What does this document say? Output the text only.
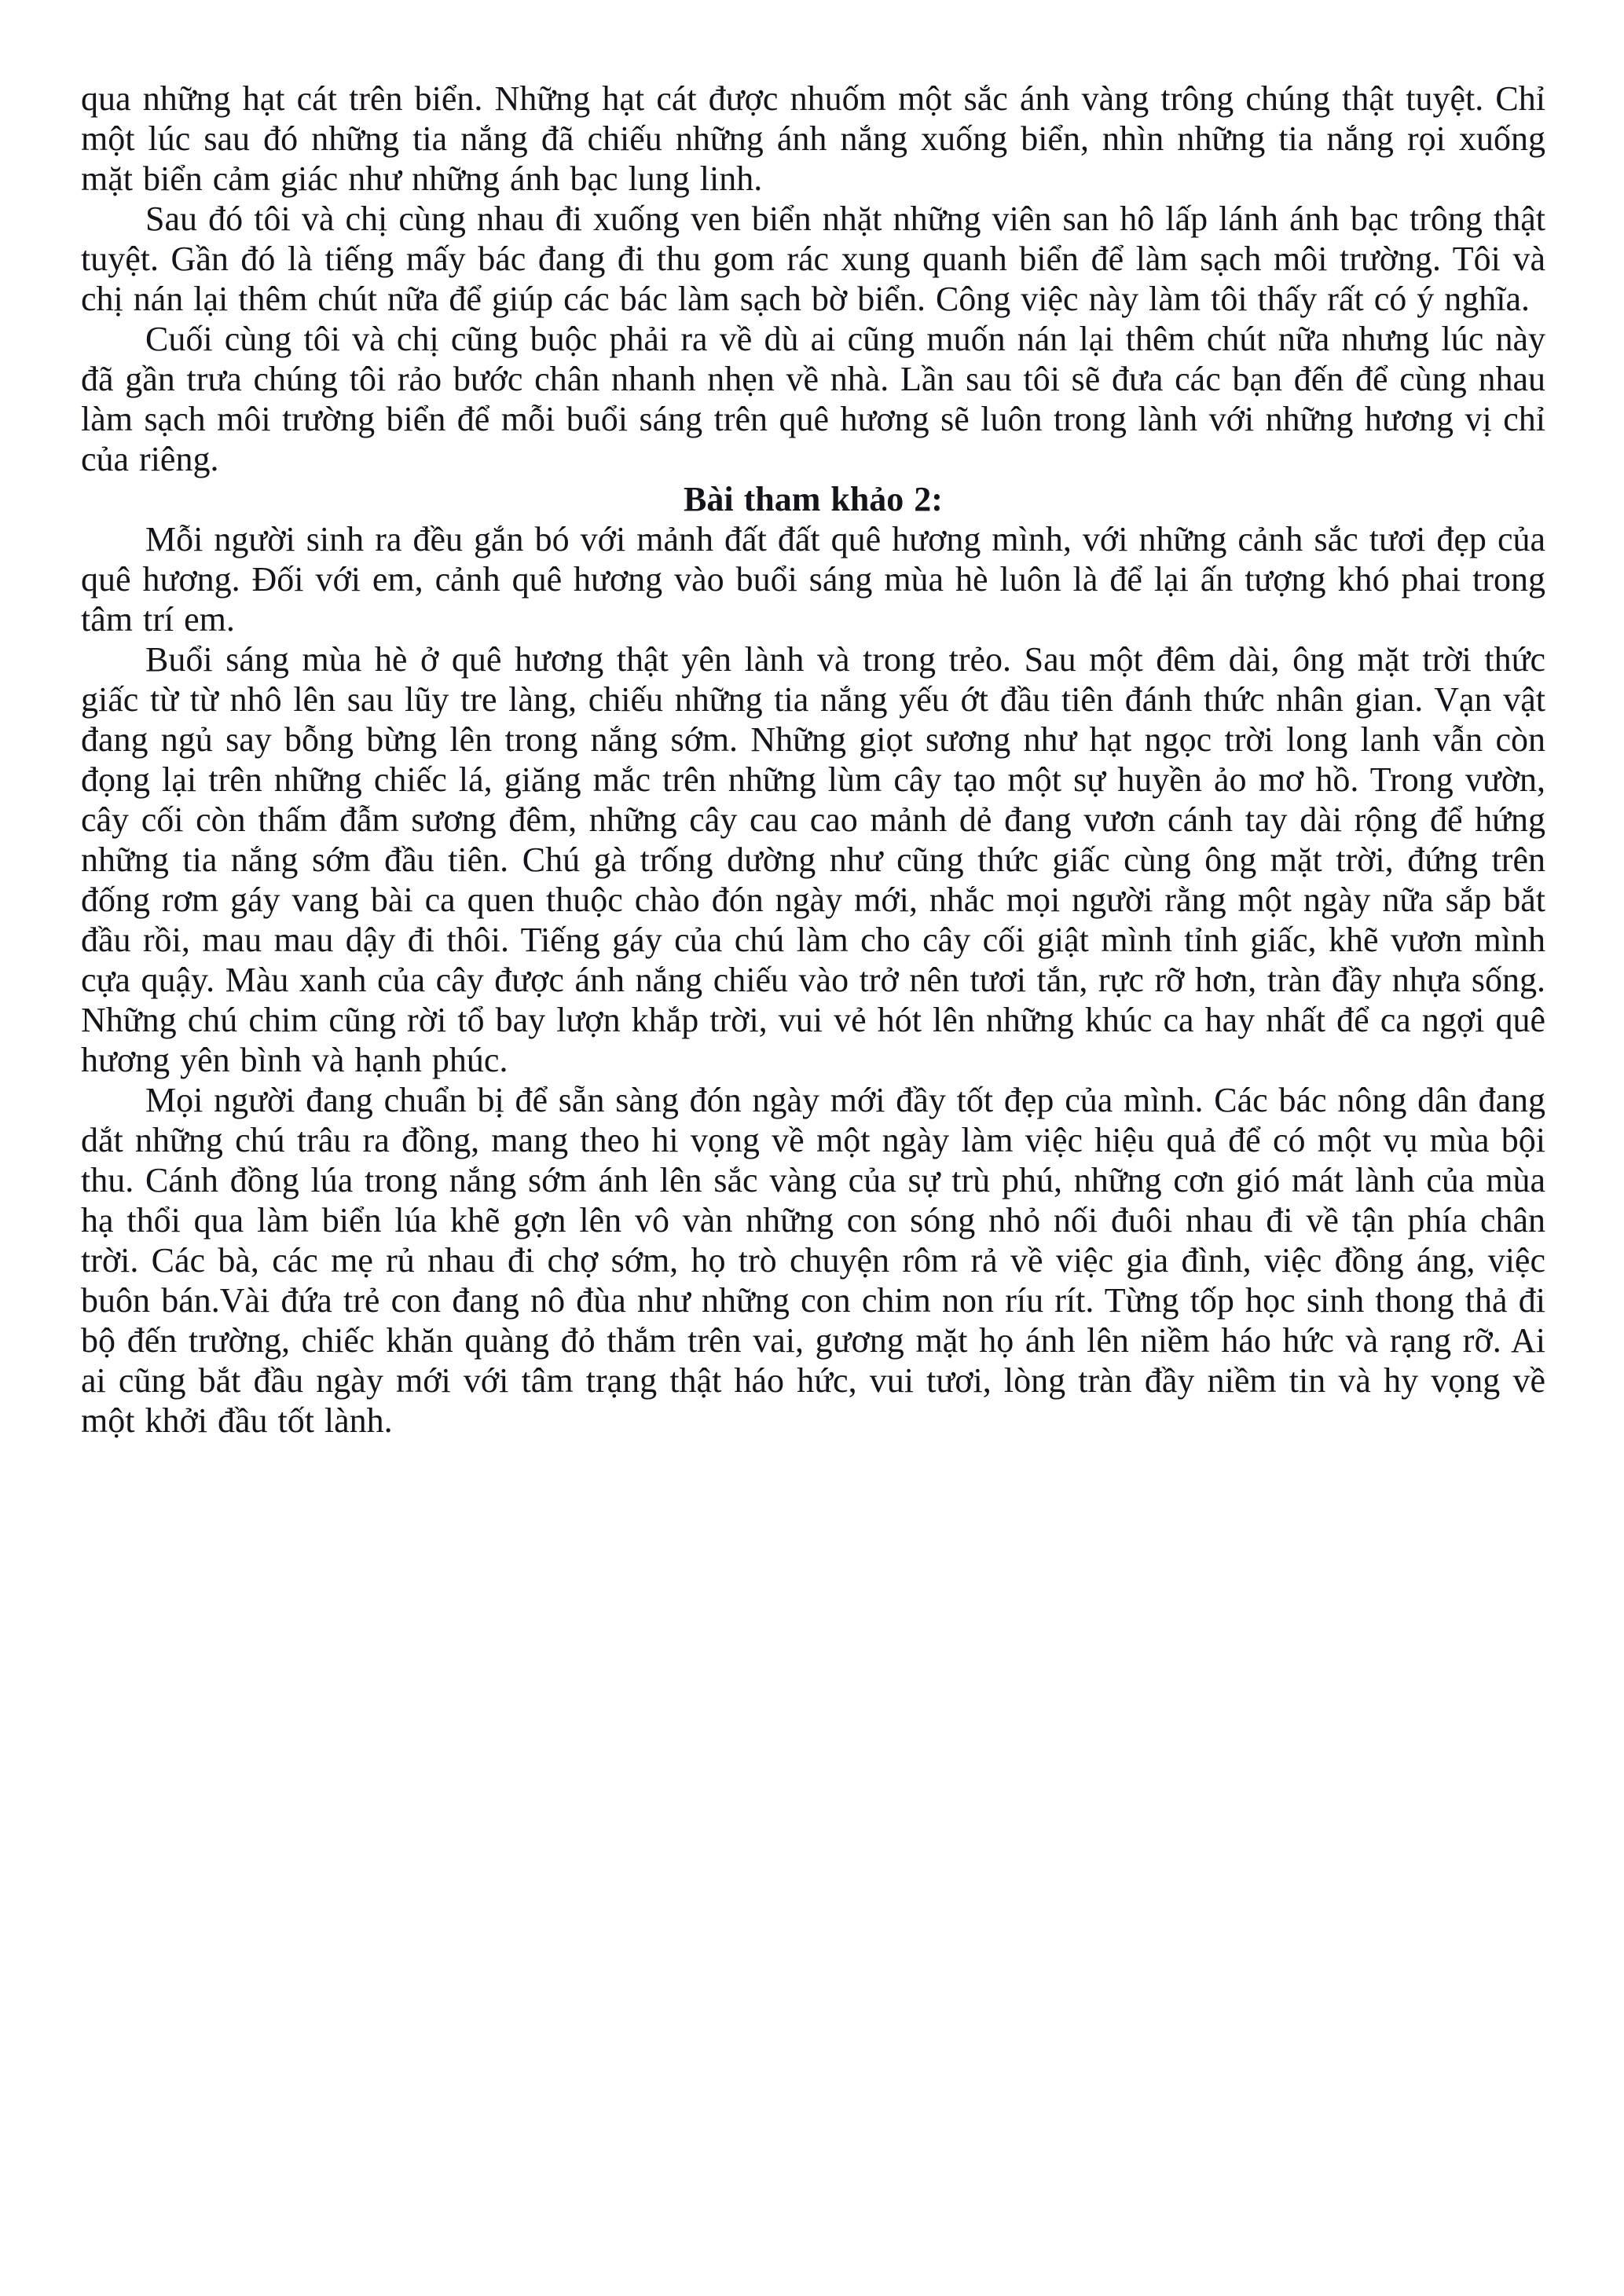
qua những hạt cát trên biển. Những hạt cát được nhuốm một sắc ánh vàng trông chúng thật tuyệt. Chỉ một lúc sau đó những tia nắng đã chiếu những ánh nắng xuống biển, nhìn những tia nắng rọi xuống mặt biển cảm giác như những ánh bạc lung linh.

Sau đó tôi và chị cùng nhau đi xuống ven biển nhặt những viên san hô lấp lánh ánh bạc trông thật tuyệt. Gần đó là tiếng mấy bác đang đi thu gom rác xung quanh biển để làm sạch môi trường. Tôi và chị nán lại thêm chút nữa để giúp các bác làm sạch bờ biển. Công việc này làm tôi thấy rất có ý nghĩa.

Cuối cùng tôi và chị cũng buộc phải ra về dù ai cũng muốn nán lại thêm chút nữa nhưng lúc này đã gần trưa chúng tôi rảo bước chân nhanh nhẹn về nhà. Lần sau tôi sẽ đưa các bạn đến để cùng nhau làm sạch môi trường biển để mỗi buổi sáng trên quê hương sẽ luôn trong lành với những hương vị chỉ của riêng.

Bài tham khảo 2:

Mỗi người sinh ra đều gắn bó với mảnh đất đất quê hương mình, với những cảnh sắc tươi đẹp của quê hương. Đối với em, cảnh quê hương vào buổi sáng mùa hè luôn là để lại ấn tượng khó phai trong tâm trí em.

Buổi sáng mùa hè ở quê hương thật yên lành và trong trẻo. Sau một đêm dài, ông mặt trời thức giấc từ từ nhô lên sau lũy tre làng, chiếu những tia nắng yếu ớt đầu tiên đánh thức nhân gian. Vạn vật đang ngủ say bỗng bừng lên trong nắng sớm. Những giọt sương như hạt ngọc trời long lanh vẫn còn đọng lại trên những chiếc lá, giăng mắc trên những lùm cây tạo một sự huyền ảo mơ hồ. Trong vườn, cây cối còn thấm đẫm sương đêm, những cây cau cao mảnh dẻ đang vươn cánh tay dài rộng để hứng những tia nắng sớm đầu tiên. Chú gà trống dường như cũng thức giấc cùng ông mặt trời, đứng trên đống rơm gáy vang bài ca quen thuộc chào đón ngày mới, nhắc mọi người rằng một ngày nữa sắp bắt đầu rồi, mau mau dậy đi thôi. Tiếng gáy của chú làm cho cây cối giật mình tỉnh giấc, khẽ vươn mình cựa quậy. Màu xanh của cây được ánh nắng chiếu vào trở nên tươi tắn, rực rỡ hơn, tràn đầy nhựa sống. Những chú chim cũng rời tổ bay lượn khắp trời, vui vẻ hót lên những khúc ca hay nhất để ca ngợi quê hương yên bình và hạnh phúc.

Mọi người đang chuẩn bị để sẵn sàng đón ngày mới đầy tốt đẹp của mình. Các bác nông dân đang dắt những chú trâu ra đồng, mang theo hi vọng về một ngày làm việc hiệu quả để có một vụ mùa bội thu. Cánh đồng lúa trong nắng sớm ánh lên sắc vàng của sự trù phú, những cơn gió mát lành của mùa hạ thổi qua làm biển lúa khẽ gợn lên vô vàn những con sóng nhỏ nối đuôi nhau đi về tận phía chân trời. Các bà, các mẹ rủ nhau đi chợ sớm, họ trò chuyện rôm rả về việc gia đình, việc đồng áng, việc buôn bán.Vài đứa trẻ con đang nô đùa như những con chim non ríu rít. Từng tốp học sinh thong thả đi bộ đến trường, chiếc khăn quàng đỏ thắm trên vai, gương mặt họ ánh lên niềm háo hức và rạng rỡ. Ai ai cũng bắt đầu ngày mới với tâm trạng thật háo hức, vui tươi, lòng tràn đầy niềm tin và hy vọng về một khởi đầu tốt lành.
